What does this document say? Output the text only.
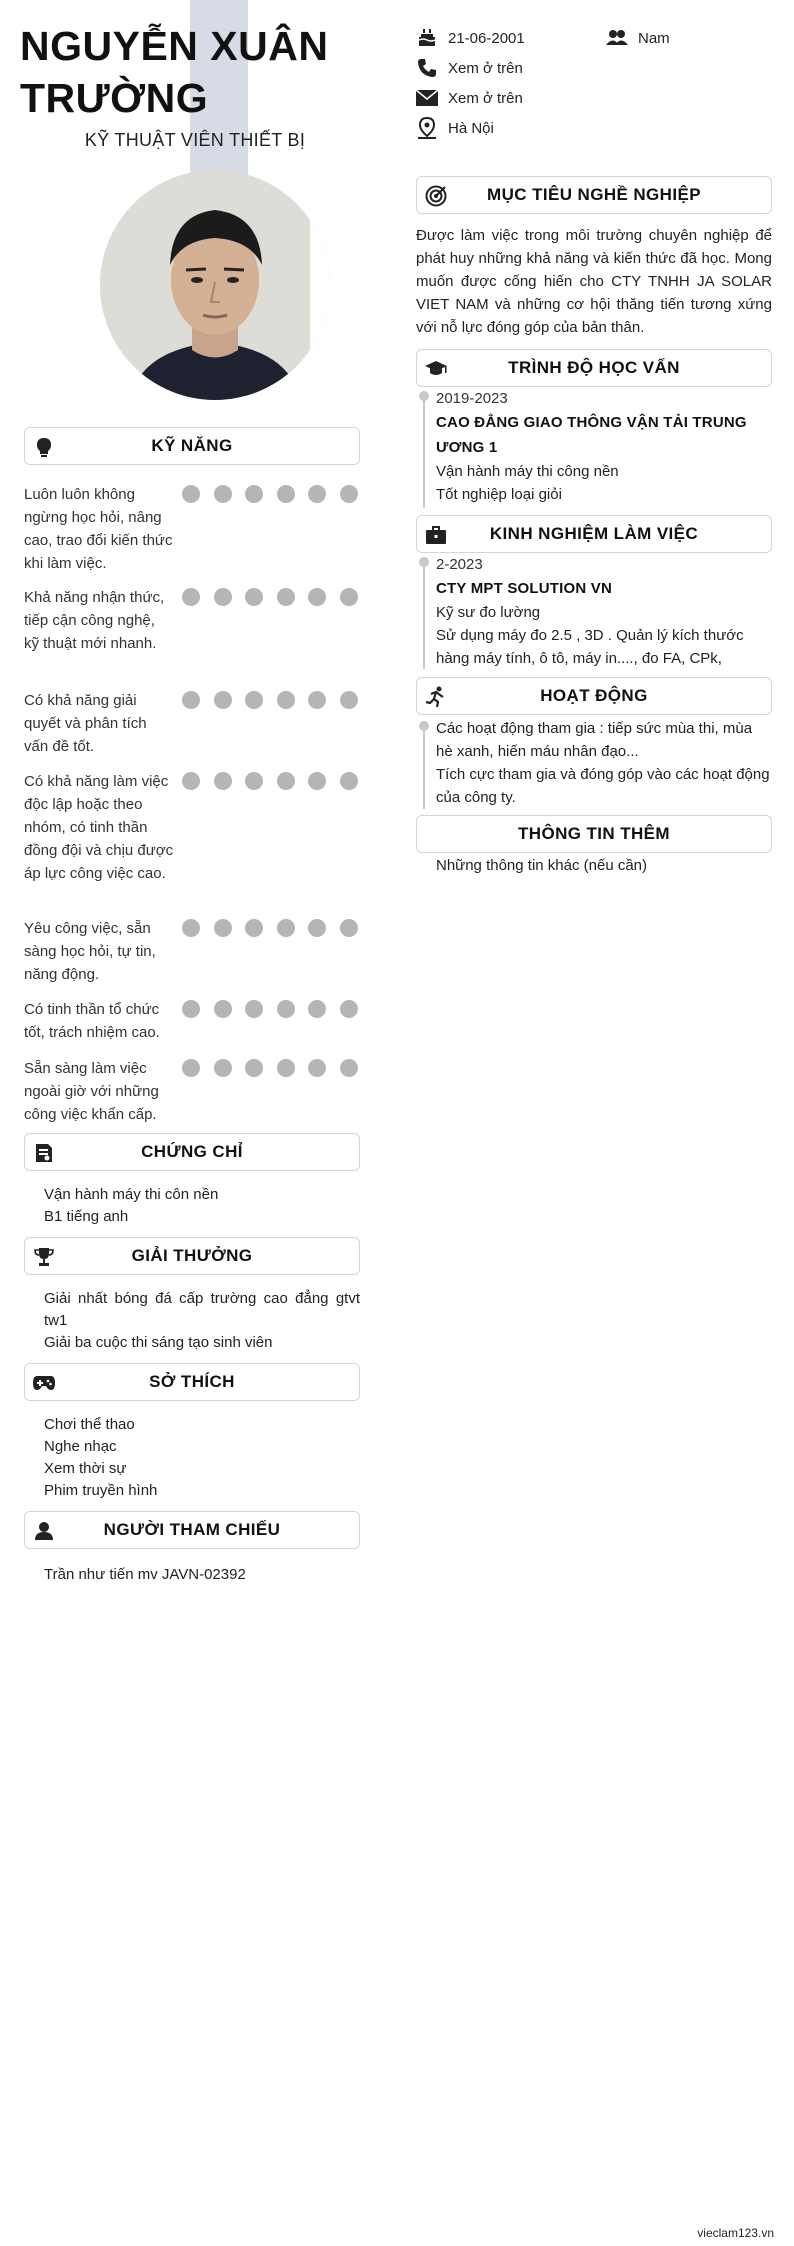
NGUYỄN XUÂN TRƯỜNG
KỸ THUẬT VIÊN THIẾT BỊ
21-06-2001	Nam
Xem ở trên
Xem ở trên
Hà Nội
KỸ NĂNG
Luôn luôn không ngừng học hỏi, nâng cao, trao đổi kiến thức khi làm việc.
Khả năng nhận thức, tiếp cận công nghệ, kỹ thuật mới nhanh.
Có khả năng giải quyết và phân tích vấn đề tốt.
Có khả năng làm việc độc lập hoặc theo nhóm, có tinh thần đồng đội và chịu được áp lực công việc cao.
Yêu công việc, sẵn sàng học hỏi, tự tin, năng động.
Có tinh thần tổ chức tốt, trách nhiệm cao.
Sẵn sàng làm việc ngoài giờ với những công việc khẩn cấp.
CHỨNG CHỈ
Vận hành máy thi côn nền
B1 tiếng anh
GIẢI THƯỞNG
Giải nhất bóng đá cấp trường cao đẳng gtvt tw1
Giải ba cuộc thi sáng tạo sinh viên
SỞ THÍCH
Chơi thể thao
Nghe nhạc
Xem thời sự
Phim truyền hình
NGƯỜI THAM CHIẾU
Trần như tiến mv JAVN-02392
MỤC TIÊU NGHỀ NGHIỆP
Được làm việc trong môi trường chuyên nghiệp để phát huy những khả năng và kiến thức đã học. Mong muốn được cống hiến cho CTY TNHH JA SOLAR VIET NAM và những cơ hội thăng tiến tương xứng với nỗ lực đóng góp của bản thân.
TRÌNH ĐỘ HỌC VẤN
2019-2023
CAO ĐẲNG GIAO THÔNG VẬN TẢI TRUNG ƯƠNG 1
Vận hành máy thi công nền
Tốt nghiệp loại giỏi
KINH NGHIỆM LÀM VIỆC
2-2023
CTY MPT SOLUTION VN
Kỹ sư đo lường
Sử dụng máy đo 2.5 , 3D . Quản lý kích thước hàng máy tính, ô tô, máy in...., đo FA, CPk,
HOẠT ĐỘNG
Các hoạt động tham gia : tiếp sức mùa thi, mùa hè xanh, hiến máu nhân đạo...
Tích cực tham gia và đóng góp vào các hoạt động của công ty.
THÔNG TIN THÊM
Những thông tin khác (nếu cần)
vieclam123.vn
